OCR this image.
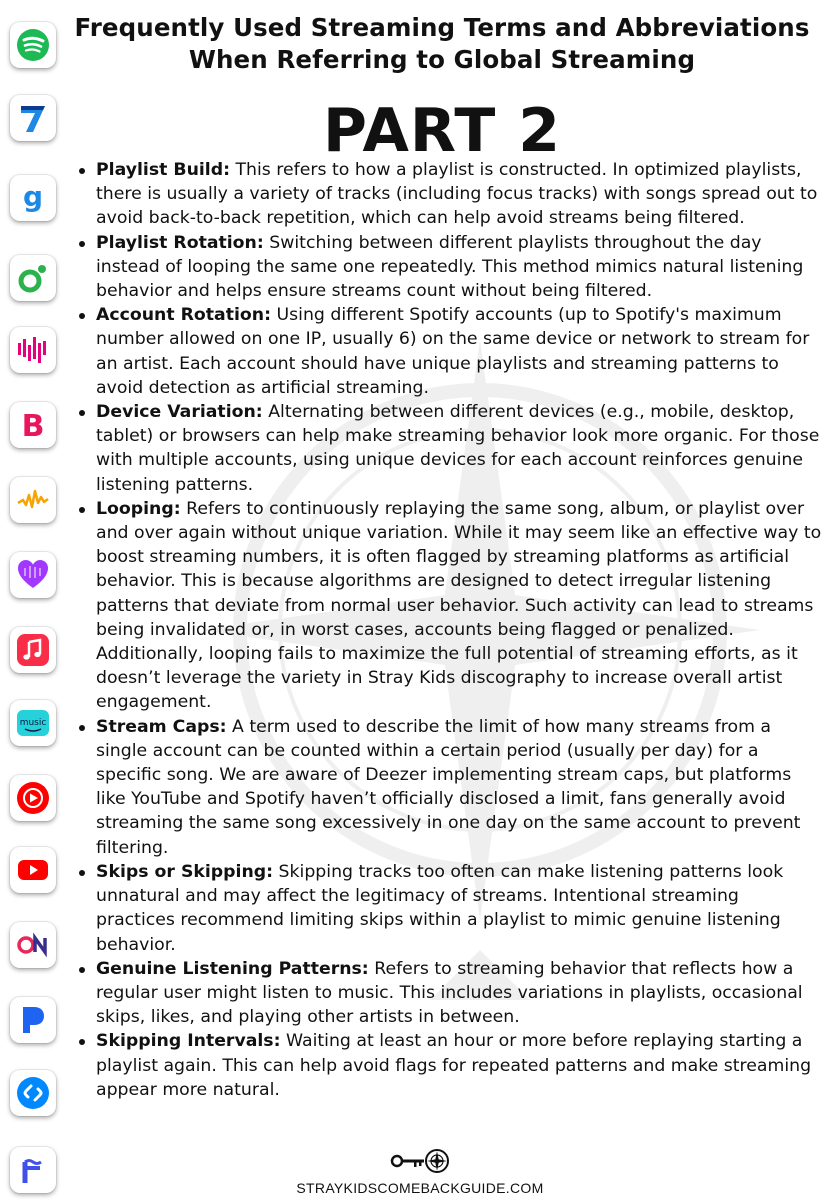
g
B
music
Frequently Used Streaming Terms and Abbreviations
When Referring to Global Streaming
PART 2
Playlist Build: This refers to how a playlist is constructed. In optimized playlists, there is usually a variety of tracks (including focus tracks) with songs spread out to avoid back-to-back repetition, which can help avoid streams being filtered.
Playlist Rotation: Switching between different playlists throughout the day instead of looping the same one repeatedly. This method mimics natural listening behavior and helps ensure streams count without being filtered.
Account Rotation: Using different Spotify accounts (up to Spotify's maximum number allowed on one IP, usually 6) on the same device or network to stream for an artist. Each account should have unique playlists and streaming patterns to avoid detection as artificial streaming.
Device Variation: Alternating between different devices (e.g., mobile, desktop, tablet) or browsers can help make streaming behavior look more organic. For those with multiple accounts, using unique devices for each account reinforces genuine listening patterns.
Looping: Refers to continuously replaying the same song, album, or playlist over and over again without unique variation. While it may seem like an effective way to boost streaming numbers, it is often flagged by streaming platforms as artificial behavior. This is because algorithms are designed to detect irregular listening patterns that deviate from normal user behavior. Such activity can lead to streams being invalidated or, in worst cases, accounts being flagged or penalized. Additionally, looping fails to maximize the full potential of streaming efforts, as it doesn’t leverage the variety in Stray Kids discography to increase overall artist engagement.
Stream Caps: A term used to describe the limit of how many streams from a single account can be counted within a certain period (usually per day) for a specific song. We are aware of Deezer implementing stream caps, but platforms like YouTube and Spotify haven’t officially disclosed a limit, fans generally avoid streaming the same song excessively in one day on the same account to prevent filtering.
Skips or Skipping: Skipping tracks too often can make listening patterns look unnatural and may affect the legitimacy of streams. Intentional streaming practices recommend limiting skips within a playlist to mimic genuine listening behavior.
Genuine Listening Patterns: Refers to streaming behavior that reflects how a regular user might listen to music. This includes variations in playlists, occasional skips, likes, and playing other artists in between.
Skipping Intervals: Waiting at least an hour or more before replaying starting a playlist again. This can help avoid flags for repeated patterns and make streaming appear more natural.
STRAYKIDSCOMEBACKGUIDE.COM
